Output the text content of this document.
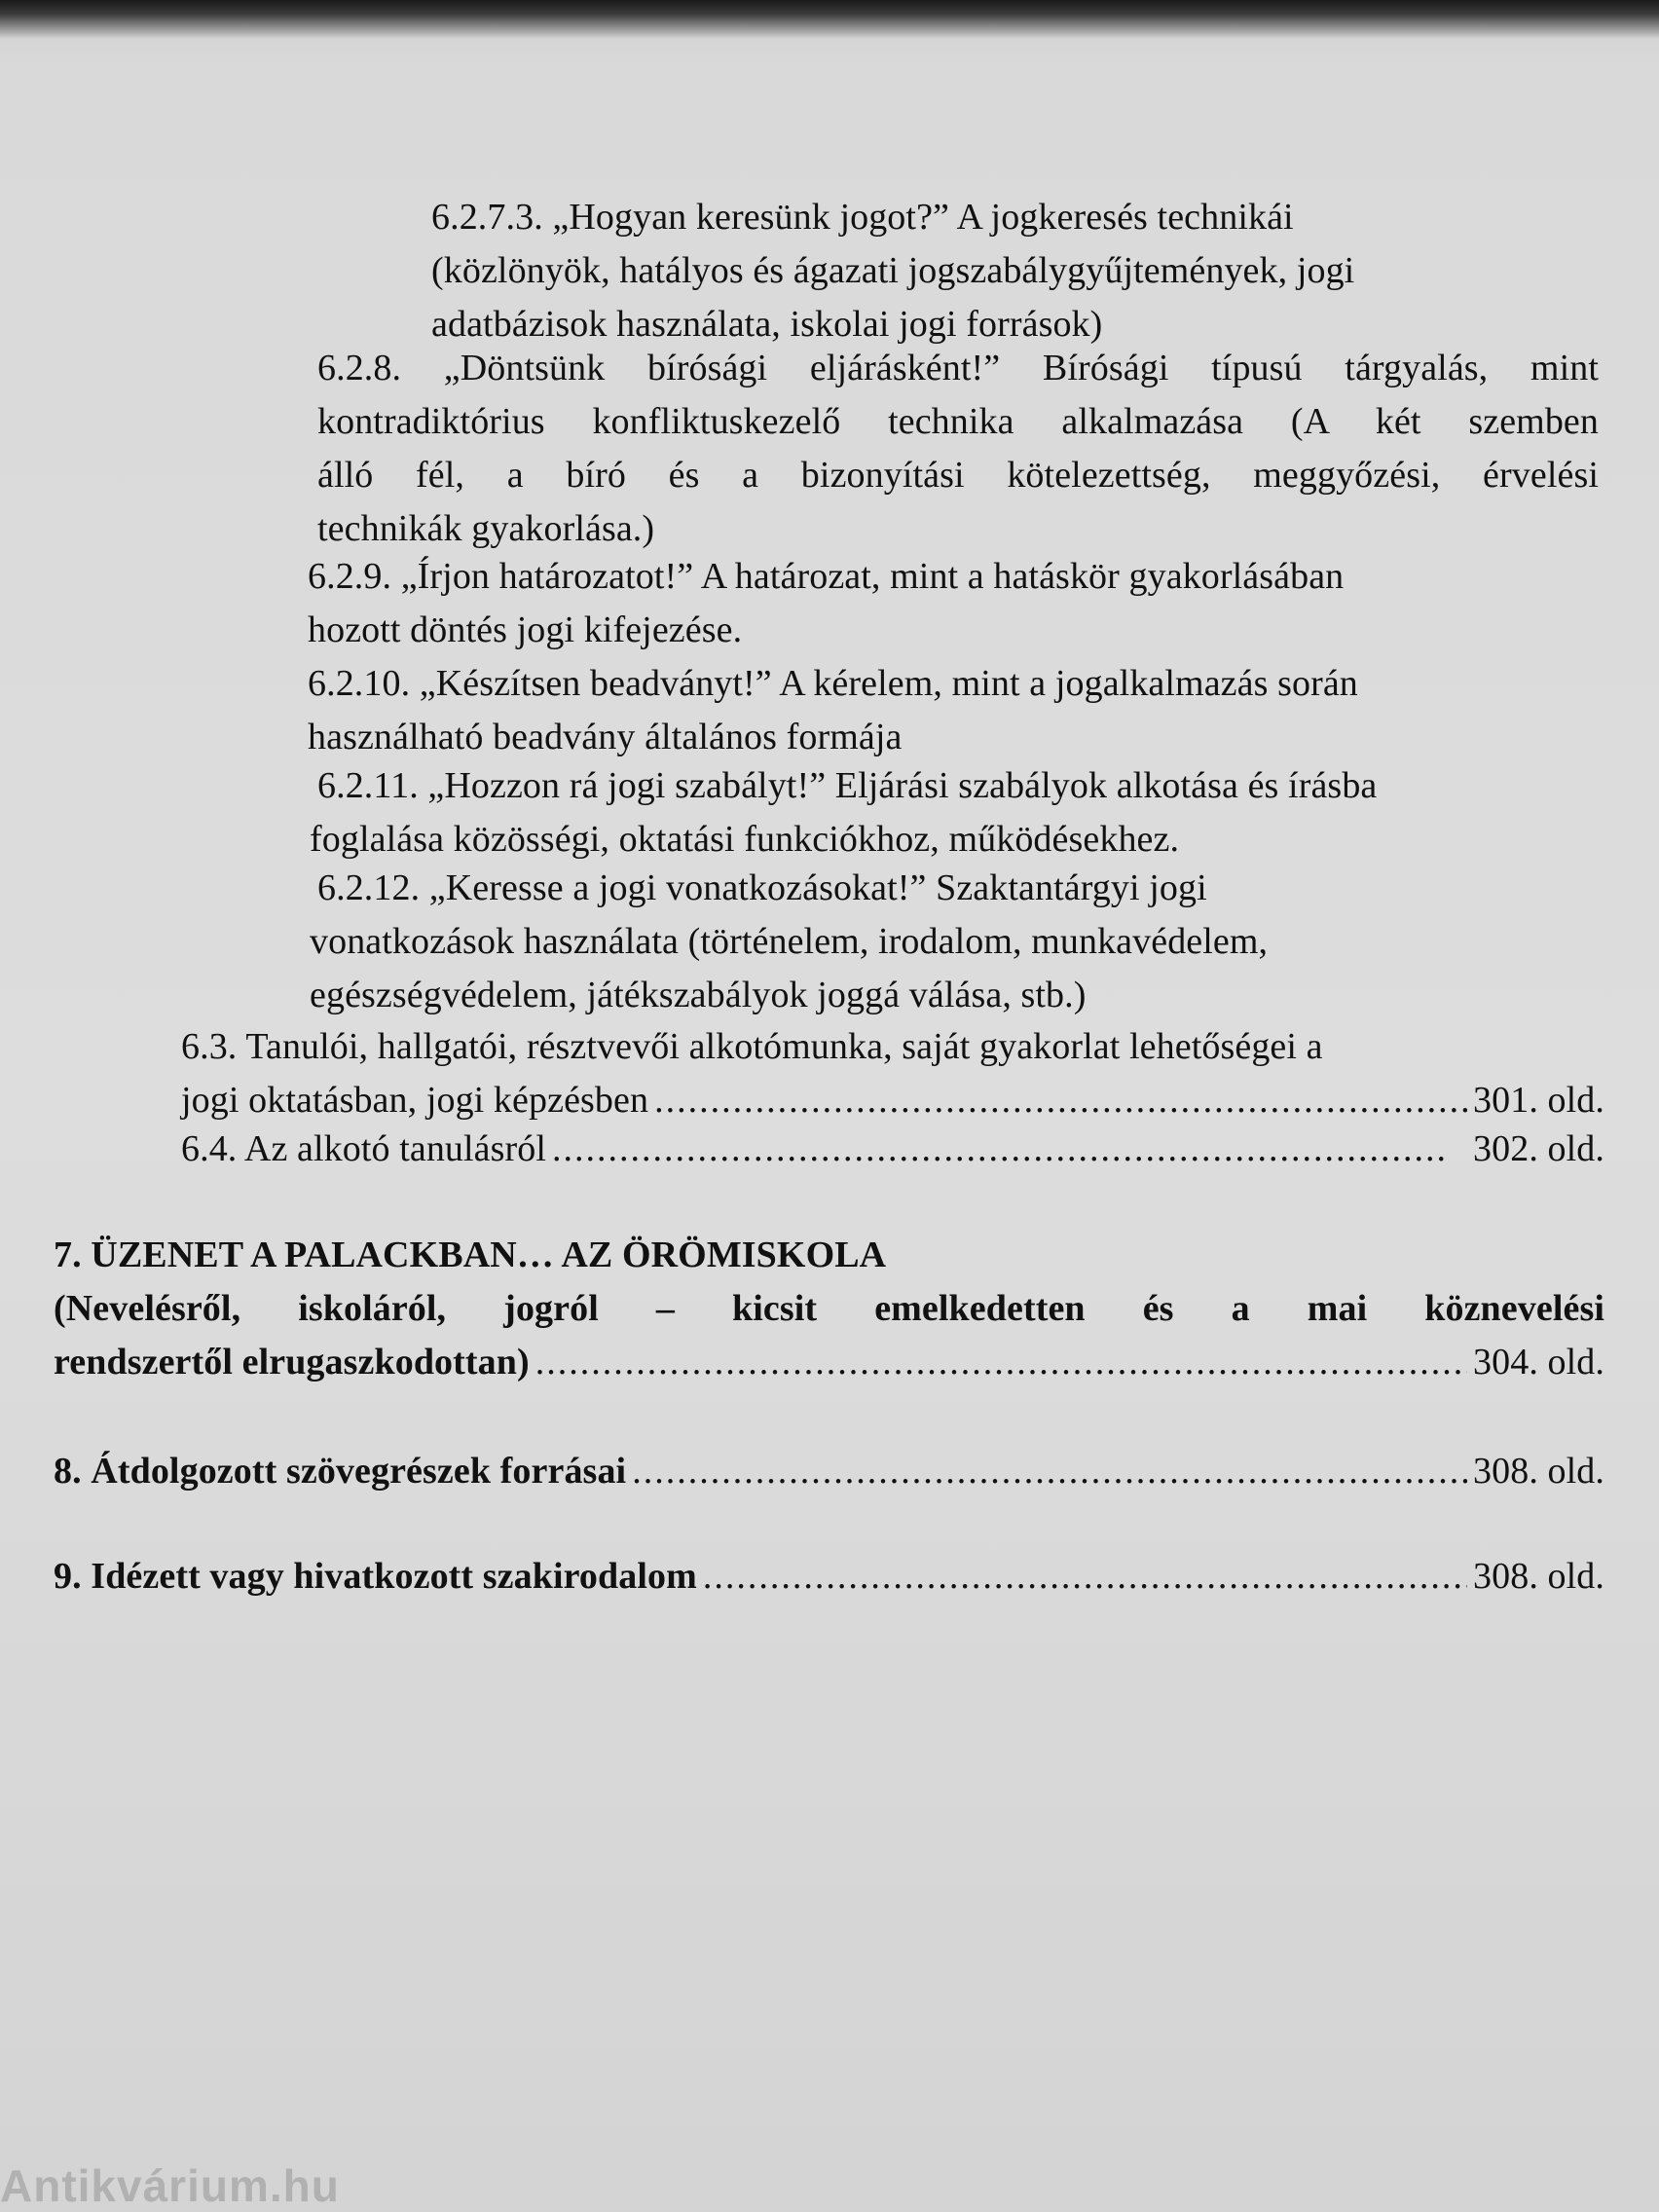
6.2.7.3. „Hogyan keresünk jogot?” A jogkeresés technikái
(közlönyök, hatályos és ágazati jogszabálygyűjtemények, jogi
adatbázisok használata, iskolai jogi források)
6.2.8. „Döntsünk bírósági eljárásként!” Bírósági típusú tárgyalás, mint
kontradiktórius konfliktuskezelő technika alkalmazása (A két szemben
álló fél, a bíró és a bizonyítási kötelezettség, meggyőzési, érvelési
technikák gyakorlása.)
6.2.9. „Írjon határozatot!” A határozat, mint a hatáskör gyakorlásában
hozott döntés jogi kifejezése.
6.2.10. „Készítsen beadványt!” A kérelem, mint a jogalkalmazás során
használható beadvány általános formája
6.2.11. „Hozzon rá jogi szabályt!” Eljárási szabályok alkotása és írásba
foglalása közösségi, oktatási funkciókhoz, működésekhez.
6.2.12. „Keresse a jogi vonatkozásokat!” Szaktantárgyi jogi
vonatkozások használata (történelem, irodalom, munkavédelem,
egészségvédelem, játékszabályok joggá válása, stb.)
6.3. Tanulói, hallgatói, résztvevői alkotómunka, saját gyakorlat lehetőségei a
jogi oktatásban, jogi képzésben .....	301. old.
6.4. Az alkotó tanulásról .....	302. old.
7. ÜZENET A PALACKBAN… AZ ÖRÖMISKOLA
(Nevelésről, iskoláról, jogról – kicsit emelkedetten és a mai köznevelési
rendszertől elrugaszkodottan) .....	304. old.
8. Átdolgozott szövegrészek forrásai .....	308. old.
9. Idézett vagy hivatkozott szakirodalom .....	308. old.
Antikvárium.hu
